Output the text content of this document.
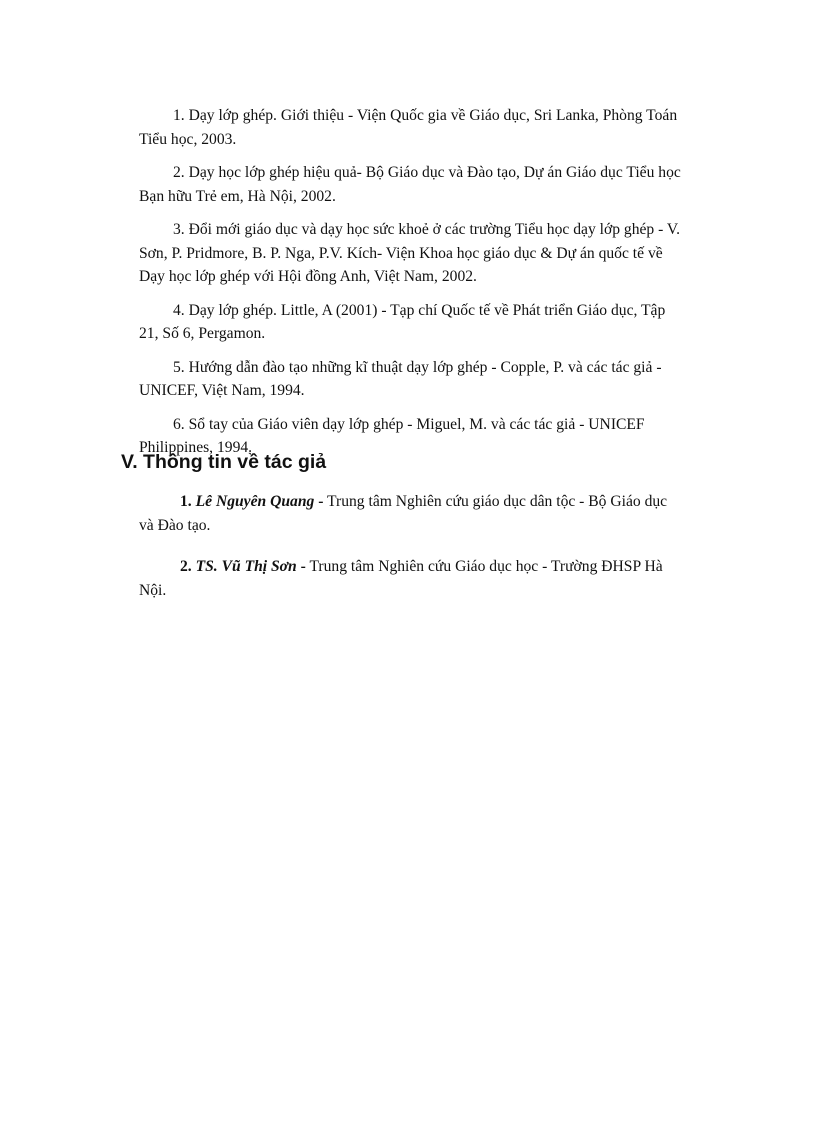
1. Dạy lớp ghép. Giới thiệu - Viện Quốc gia về Giáo dục, Sri Lanka, Phòng Toán Tiểu học, 2003.

2. Dạy học lớp ghép hiệu quả- Bộ Giáo dục và Đào tạo, Dự án Giáo dục Tiểu học Bạn hữu Trẻ em, Hà Nội, 2002.

3. Đổi mới giáo dục và dạy học sức khoẻ ở các trường Tiểu học dạy lớp ghép - V. Sơn, P. Pridmore, B. P. Nga, P.V. Kích- Viện Khoa học giáo dục & Dự án quốc tế về Dạy học lớp ghép với Hội đồng Anh, Việt Nam, 2002.

4. Dạy lớp ghép. Little, A (2001) - Tạp chí Quốc tế về Phát triển Giáo dục, Tập 21, Số 6, Pergamon.

5. Hướng dẫn đào tạo những kĩ thuật dạy lớp ghép - Copple, P. và các tác giả - UNICEF, Việt Nam, 1994.

6. Sổ tay của Giáo viên dạy lớp ghép - Miguel, M. và các tác giả - UNICEF Philippines, 1994.

V. Thông tin về tác giả

1. Lê Nguyên Quang - Trung tâm Nghiên cứu giáo dục dân tộc - Bộ Giáo dục và Đào tạo.

2. TS. Vũ Thị Sơn - Trung tâm Nghiên cứu Giáo dục học - Trường ĐHSP Hà Nội.
